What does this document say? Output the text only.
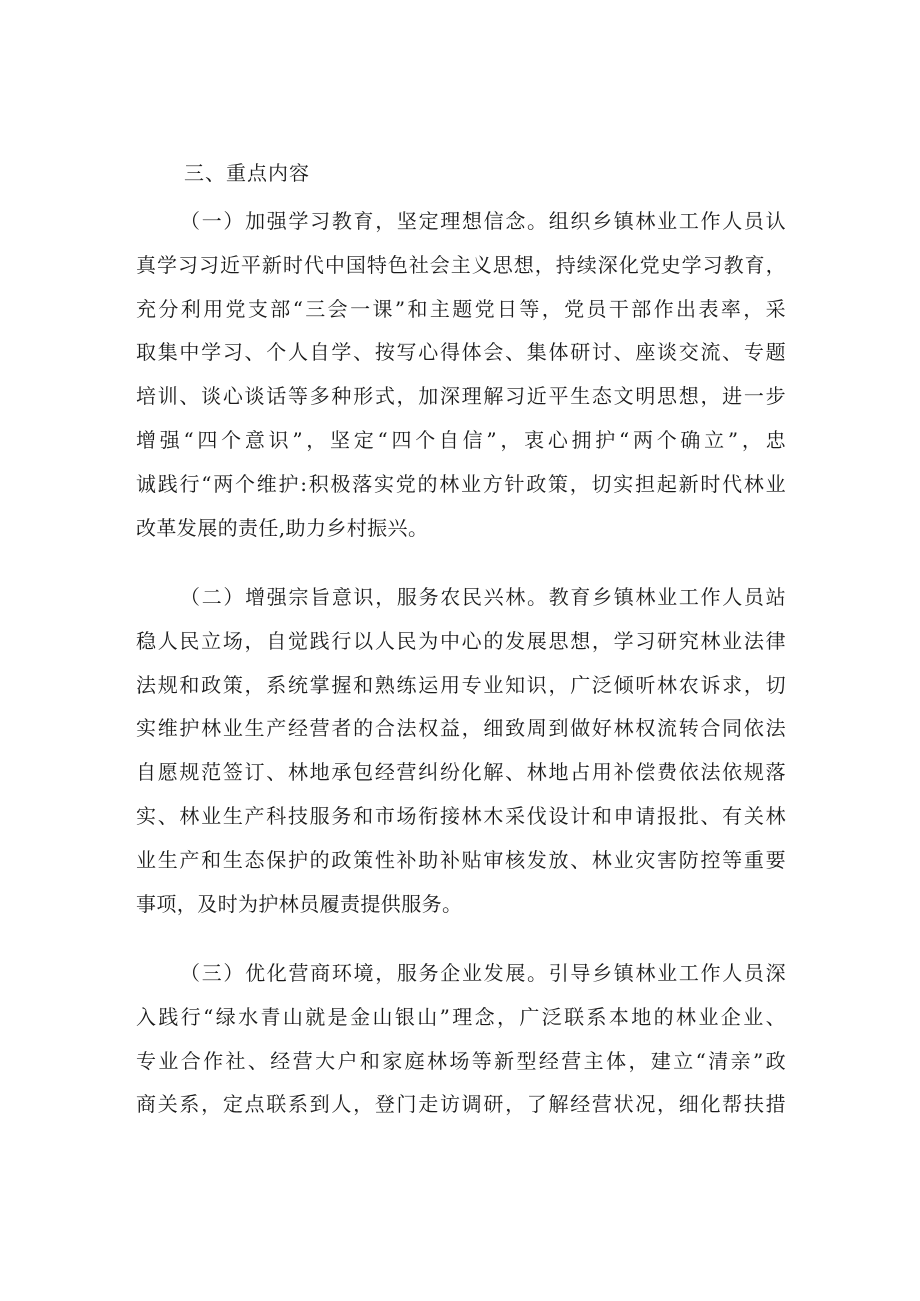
三、重点内容
（一）加强学习教育，坚定理想信念。组织乡镇林业工作人员认
真学习习近平新时代中国特色社会主义思想，持续深化党史学习教育，
充分利用党支部“三会一课”和主题党日等，党员干部作出表率，采
取集中学习、个人自学、按写心得体会、集体研讨、座谈交流、专题
培训、谈心谈话等多种形式，加深理解习近平生态文明思想，进一步
增强“四个意识”，坚定“四个自信”，衷心拥护“两个确立”，忠
诚践行“两个维护:积极落实党的林业方针政策，切实担起新时代林业
改革发展的责任,助力乡村振兴。
（二）增强宗旨意识，服务农民兴林。教育乡镇林业工作人员站
稳人民立场，自觉践行以人民为中心的发展思想，学习研究林业法律
法规和政策，系统掌握和熟练运用专业知识，广泛倾听林农诉求，切
实维护林业生产经营者的合法权益，细致周到做好林权流转合同依法
自愿规范签订、林地承包经营纠纷化解、林地占用补偿费依法依规落
实、林业生产科技服务和市场衔接林木采伐设计和申请报批、有关林
业生产和生态保护的政策性补助补贴审核发放、林业灾害防控等重要
事项，及时为护林员履责提供服务。
（三）优化营商环境，服务企业发展。引导乡镇林业工作人员深
入践行“绿水青山就是金山银山”理念，广泛联系本地的林业企业、
专业合作社、经营大户和家庭林场等新型经营主体，建立“清亲”政
商关系，定点联系到人，登门走访调研，了解经营状况，细化帮扶措
